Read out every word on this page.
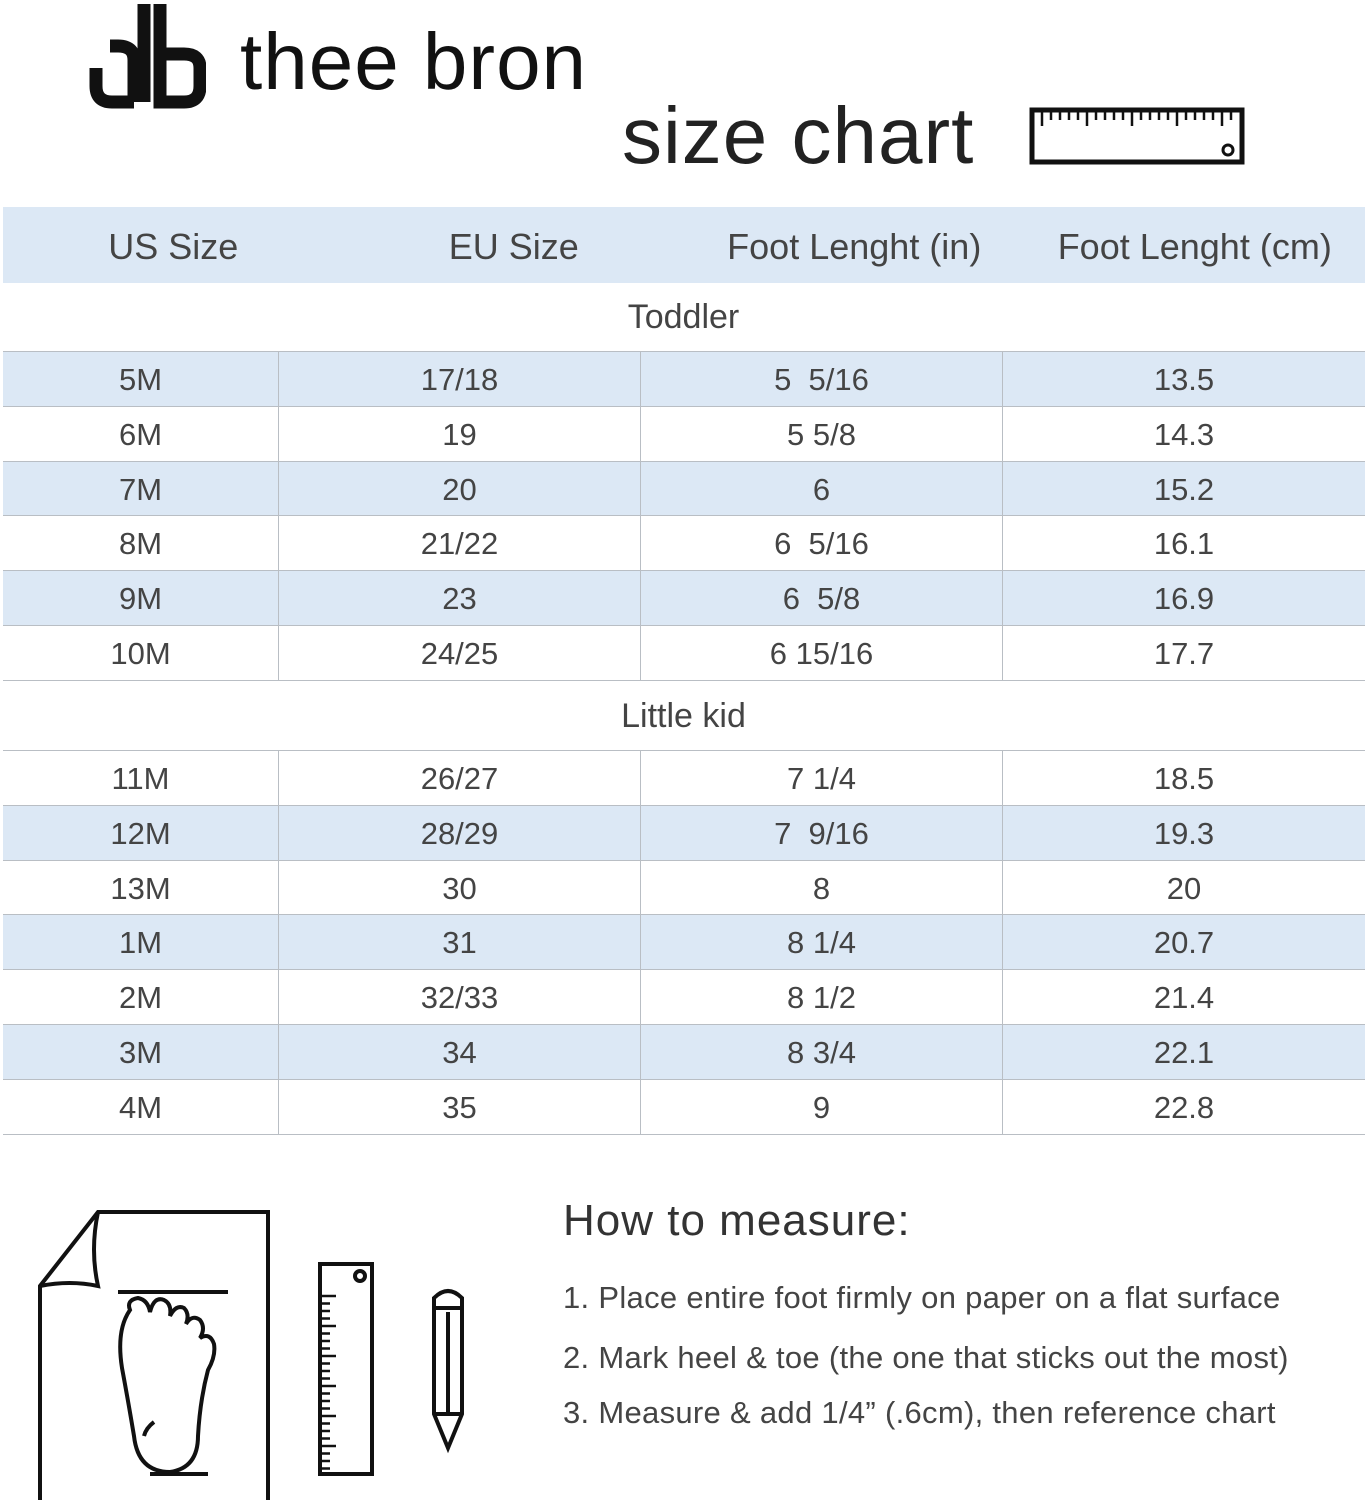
thee bron
size chart
US Size	EU Size	Foot Lenght (in)	Foot Lenght (cm)
Toddler
5M	17/18	5  5/16	13.5
6M	19	5 5/8	14.3
7M	20	6	15.2
8M	21/22	6  5/16	16.1
9M	23	6  5/8	16.9
10M	24/25	6 15/16	17.7
Little kid
11M	26/27	7 1/4	18.5
12M	28/29	7  9/16	19.3
13M	30	8	20
1M	31	8 1/4	20.7
2M	32/33	8 1/2	21.4
3M	34	8 3/4	22.1
4M	35	9	22.8
How to measure:
1. Place entire foot firmly on paper on a flat surface
2. Mark heel & toe (the one that sticks out the most)
3. Measure & add 1/4” (.6cm), then reference chart
